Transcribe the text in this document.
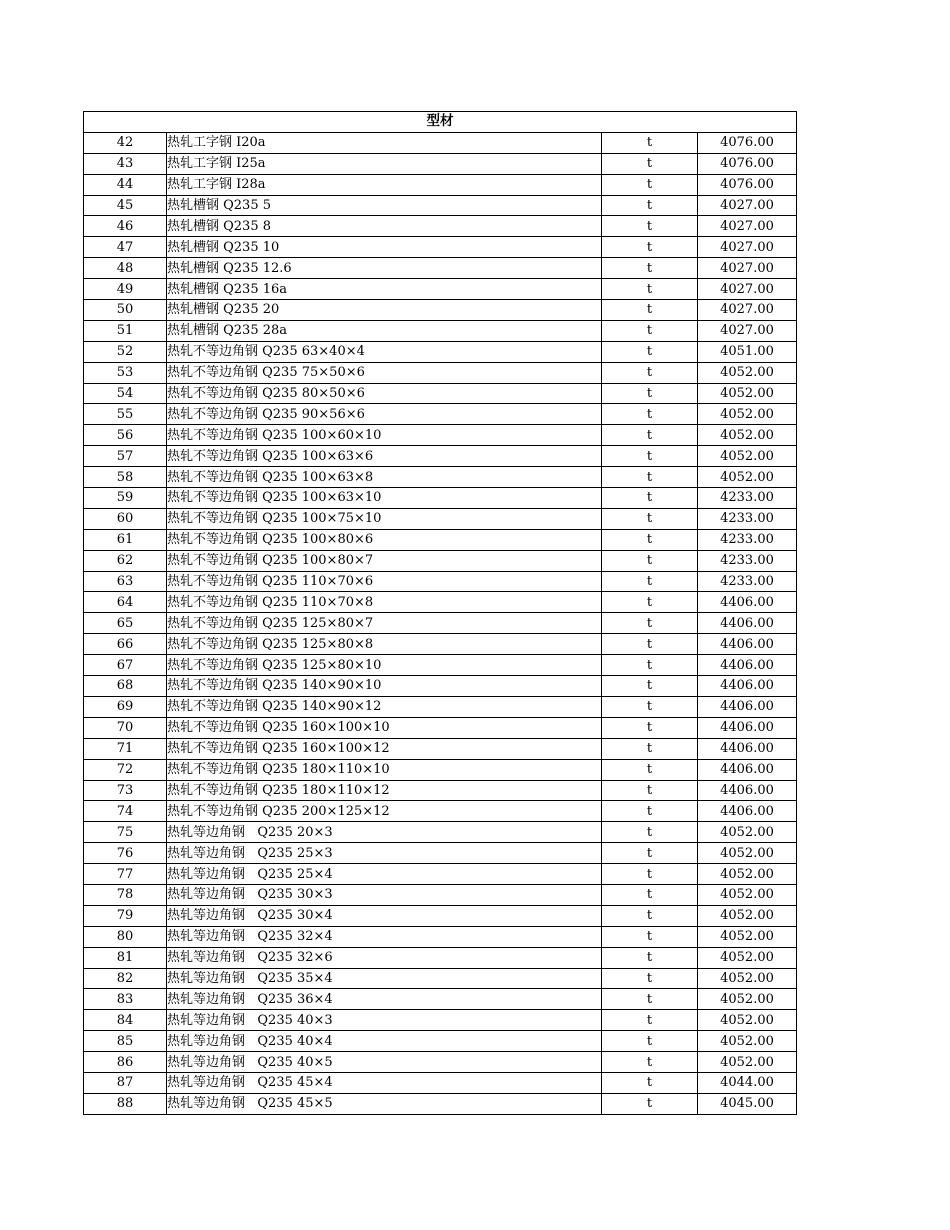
型材			
42	热轧工字钢 I20a	t	4076.00
43	热轧工字钢 I25a	t	4076.00
44	热轧工字钢 I28a	t	4076.00
45	热轧槽钢 Q235 5	t	4027.00
46	热轧槽钢 Q235 8	t	4027.00
47	热轧槽钢 Q235 10	t	4027.00
48	热轧槽钢 Q235 12.6	t	4027.00
49	热轧槽钢 Q235 16a	t	4027.00
50	热轧槽钢 Q235 20	t	4027.00
51	热轧槽钢 Q235 28a	t	4027.00
52	热轧不等边角钢 Q235 63×40×4	t	4051.00
53	热轧不等边角钢 Q235 75×50×6	t	4052.00
54	热轧不等边角钢 Q235 80×50×6	t	4052.00
55	热轧不等边角钢 Q235 90×56×6	t	4052.00
56	热轧不等边角钢 Q235 100×60×10	t	4052.00
57	热轧不等边角钢 Q235 100×63×6	t	4052.00
58	热轧不等边角钢 Q235 100×63×8	t	4052.00
59	热轧不等边角钢 Q235 100×63×10	t	4233.00
60	热轧不等边角钢 Q235 100×75×10	t	4233.00
61	热轧不等边角钢 Q235 100×80×6	t	4233.00
62	热轧不等边角钢 Q235 100×80×7	t	4233.00
63	热轧不等边角钢 Q235 110×70×6	t	4233.00
64	热轧不等边角钢 Q235 110×70×8	t	4406.00
65	热轧不等边角钢 Q235 125×80×7	t	4406.00
66	热轧不等边角钢 Q235 125×80×8	t	4406.00
67	热轧不等边角钢 Q235 125×80×10	t	4406.00
68	热轧不等边角钢 Q235 140×90×10	t	4406.00
69	热轧不等边角钢 Q235 140×90×12	t	4406.00
70	热轧不等边角钢 Q235 160×100×10	t	4406.00
71	热轧不等边角钢 Q235 160×100×12	t	4406.00
72	热轧不等边角钢 Q235 180×110×10	t	4406.00
73	热轧不等边角钢 Q235 180×110×12	t	4406.00
74	热轧不等边角钢 Q235 200×125×12	t	4406.00
75	热轧等边角钢   Q235 20×3	t	4052.00
76	热轧等边角钢   Q235 25×3	t	4052.00
77	热轧等边角钢   Q235 25×4	t	4052.00
78	热轧等边角钢   Q235 30×3	t	4052.00
79	热轧等边角钢   Q235 30×4	t	4052.00
80	热轧等边角钢   Q235 32×4	t	4052.00
81	热轧等边角钢   Q235 32×6	t	4052.00
82	热轧等边角钢   Q235 35×4	t	4052.00
83	热轧等边角钢   Q235 36×4	t	4052.00
84	热轧等边角钢   Q235 40×3	t	4052.00
85	热轧等边角钢   Q235 40×4	t	4052.00
86	热轧等边角钢   Q235 40×5	t	4052.00
87	热轧等边角钢   Q235 45×4	t	4044.00
88	热轧等边角钢   Q235 45×5	t	4045.00
